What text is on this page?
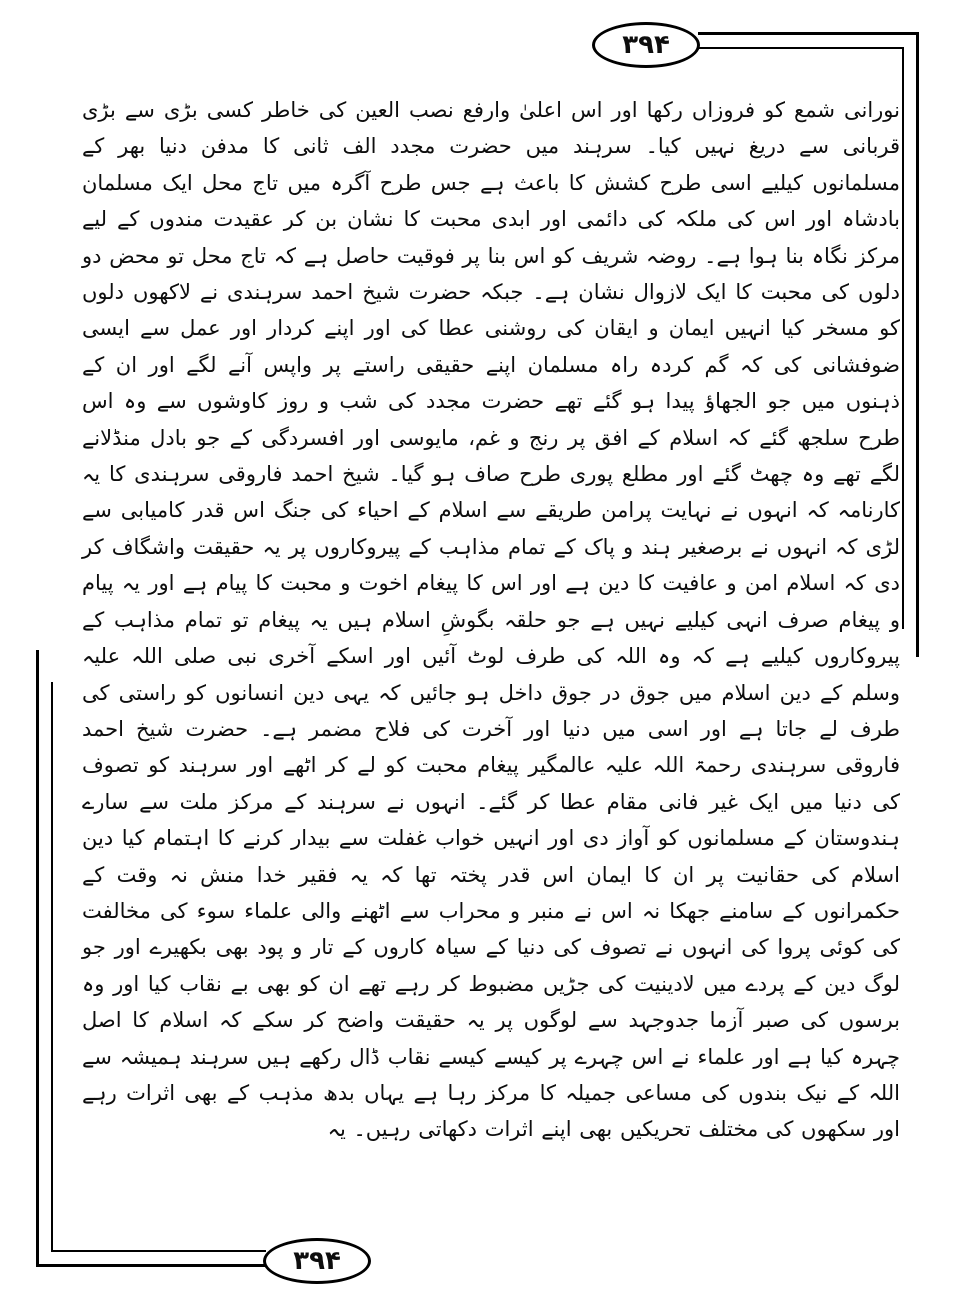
۳۹۴
نورانی شمع کو فروزاں رکھا اور اس اعلیٰ وارفع نصب العین کی خاطر کسی بڑی سے بڑی قربانی سے دریغ نہیں کیا۔ سرہند میں حضرت مجدد الف ثانی کا مدفن دنیا بھر کے مسلمانوں کیلیے اسی طرح کشش کا باعث ہے جس طرح آگرہ میں تاج محل ایک مسلمان بادشاہ اور اس کی ملکہ کی دائمی اور ابدی محبت کا نشان بن کر عقیدت مندوں کے لیے مرکز نگاہ بنا ہوا ہے۔ روضہ شریف کو اس بنا پر فوقیت حاصل ہے کہ تاج محل تو محض دو دلوں کی محبت کا ایک لازوال نشان ہے۔ جبکہ حضرت شیخ احمد سرہندی نے لاکھوں دلوں کو مسخر کیا انہیں ایمان و ایقان کی روشنی عطا کی اور اپنے کردار اور عمل سے ایسی ضوفشانی کی کہ گم کردہ راہ مسلمان اپنے حقیقی راستے پر واپس آنے لگے اور ان کے ذہنوں میں جو الجھاؤ پیدا ہو گئے تھے حضرت مجدد کی شب و روز کاوشوں سے وہ اس طرح سلجھ گئے کہ اسلام کے افق پر رنج و غم، مایوسی اور افسردگی کے جو بادل منڈلانے لگے تھے وہ چھٹ گئے اور مطلع پوری طرح صاف ہو گیا۔ شیخ احمد فاروقی سرہندی کا یہ کارنامہ کہ انہوں نے نہایت پرامن طریقے سے اسلام کے احیاء کی جنگ اس قدر کامیابی سے لڑی کہ انہوں نے برصغیر ہند و پاک کے تمام مذاہب کے پیروکاروں پر یہ حقیقت واشگاف کر دی کہ اسلام امن و عافیت کا دین ہے اور اس کا پیغام اخوت و محبت کا پیام ہے اور یہ پیام و پیغام صرف انہی کیلیے نہیں ہے جو حلقہ بگوشِ اسلام ہیں یہ پیغام تو تمام مذاہب کے پیروکاروں کیلیے ہے کہ وہ اللہ کی طرف لوٹ آئیں اور اسکے آخری نبی صلی اللہ علیہ وسلم کے دین اسلام میں جوق در جوق داخل ہو جائیں کہ یہی دین انسانوں کو راستی کی طرف لے جاتا ہے اور اسی میں دنیا اور آخرت کی فلاح مضمر ہے۔ حضرت شیخ احمد فاروقی سرہندی رحمۃ اللہ علیہ عالمگیر پیغام محبت کو لے کر اٹھے اور سرہند کو تصوف کی دنیا میں ایک غیر فانی مقام عطا کر گئے۔ انہوں نے سرہند کے مرکز ملت سے سارے ہندوستان کے مسلمانوں کو آواز دی اور انہیں خواب غفلت سے بیدار کرنے کا اہتمام کیا دین اسلام کی حقانیت پر ان کا ایمان اس قدر پختہ تھا کہ یہ فقیر خدا منش نہ وقت کے حکمرانوں کے سامنے جھکا نہ اس نے منبر و محراب سے اٹھنے والی علماء سوء کی مخالفت کی کوئی پروا کی انہوں نے تصوف کی دنیا کے سیاہ کاروں کے تار و پود بھی بکھیرے اور جو لوگ دین کے پردے میں لادینیت کی جڑیں مضبوط کر رہے تھے ان کو بھی بے نقاب کیا اور وہ برسوں کی صبر آزما جدوجہد سے لوگوں پر یہ حقیقت واضح کر سکے کہ اسلام کا اصل چہرہ کیا ہے اور علماء نے اس چہرے پر کیسے کیسے نقاب ڈال رکھے ہیں سرہند ہمیشہ سے اللہ کے نیک بندوں کی مساعی جمیلہ کا مرکز رہا ہے یہاں بدھ مذہب کے بھی اثرات رہے اور سکھوں کی مختلف تحریکیں بھی اپنے اثرات دکھاتی رہیں۔ یہ
۳۹۴
